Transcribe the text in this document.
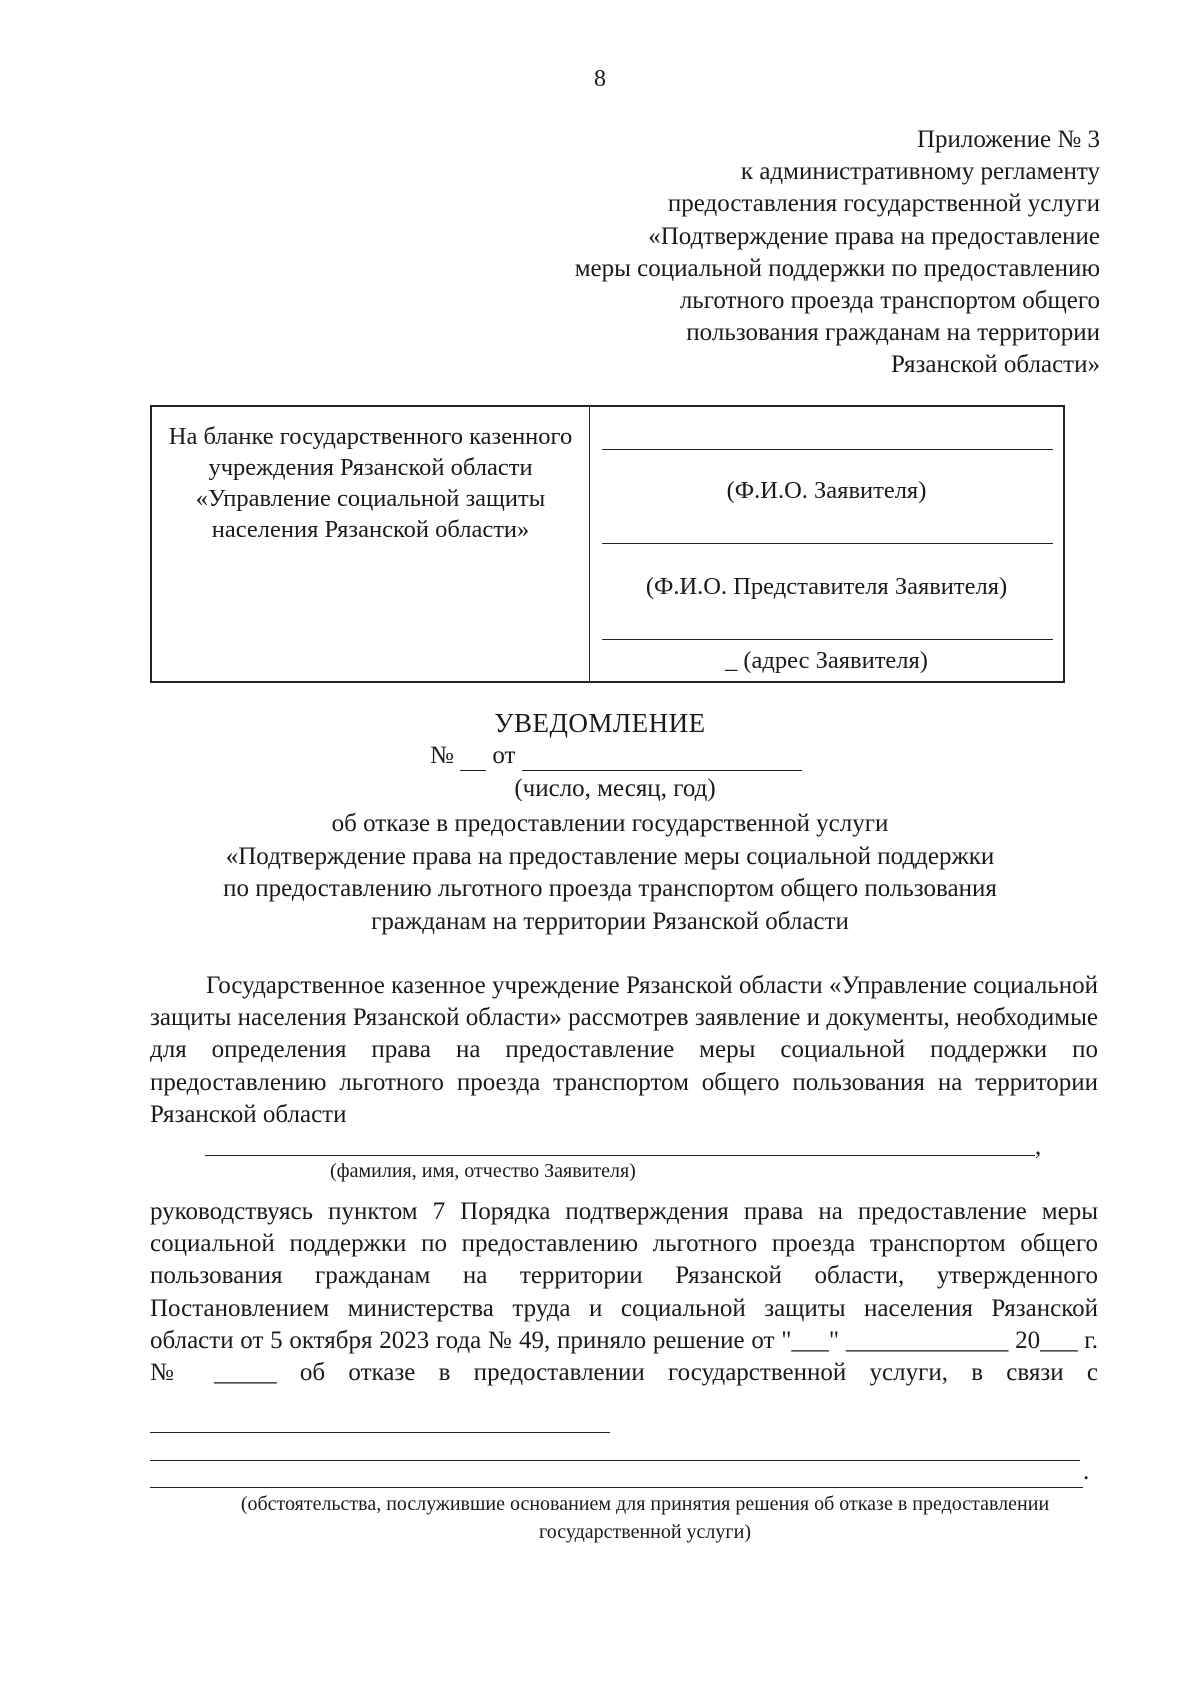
8
Приложение № 3
к административному регламенту
предоставления государственной услуги
«Подтверждение права на предоставление
меры социальной поддержки по предоставлению
льготного проезда транспортом общего
пользования гражданам на территории
Рязанской области»
На бланке государственного казенного учреждения Рязанской области «Управление социальной защиты населения Рязанской области»
(Ф.И.О. Заявителя)
(Ф.И.О. Представителя Заявителя)
_ (адрес Заявителя)
УВЕДОМЛЕНИЕ
№ от
(число, месяц, год)
об отказе в предоставлении государственной услуги
«Подтверждение права на предоставление меры социальной поддержки
по предоставлению льготного проезда транспортом общего пользования
гражданам на территории Рязанской области
Государственное казенное учреждение Рязанской области «Управление социальной защиты населения Рязанской области» рассмотрев заявление и документы, необходимые для определения права на предоставление меры социальной поддержки по предоставлению льготного проезда транспортом общего пользования на территории Рязанской области
,
(фамилия, имя, отчество Заявителя)
руководствуясь пунктом 7 Порядка подтверждения права на предоставление меры социальной поддержки по предоставлению льготного проезда транспортом общего пользования гражданам на территории Рязанской области, утвержденного Постановлением министерства труда и социальной защиты населения Рязанской области от 5 октября 2023 года № 49, приняло решение от "___" _____________ 20___ г. № _____ об отказе в предоставлении государственной услуги, в связи с
.
(обстоятельства, послужившие основанием для принятия решения об отказе в предоставлении государственной услуги)
